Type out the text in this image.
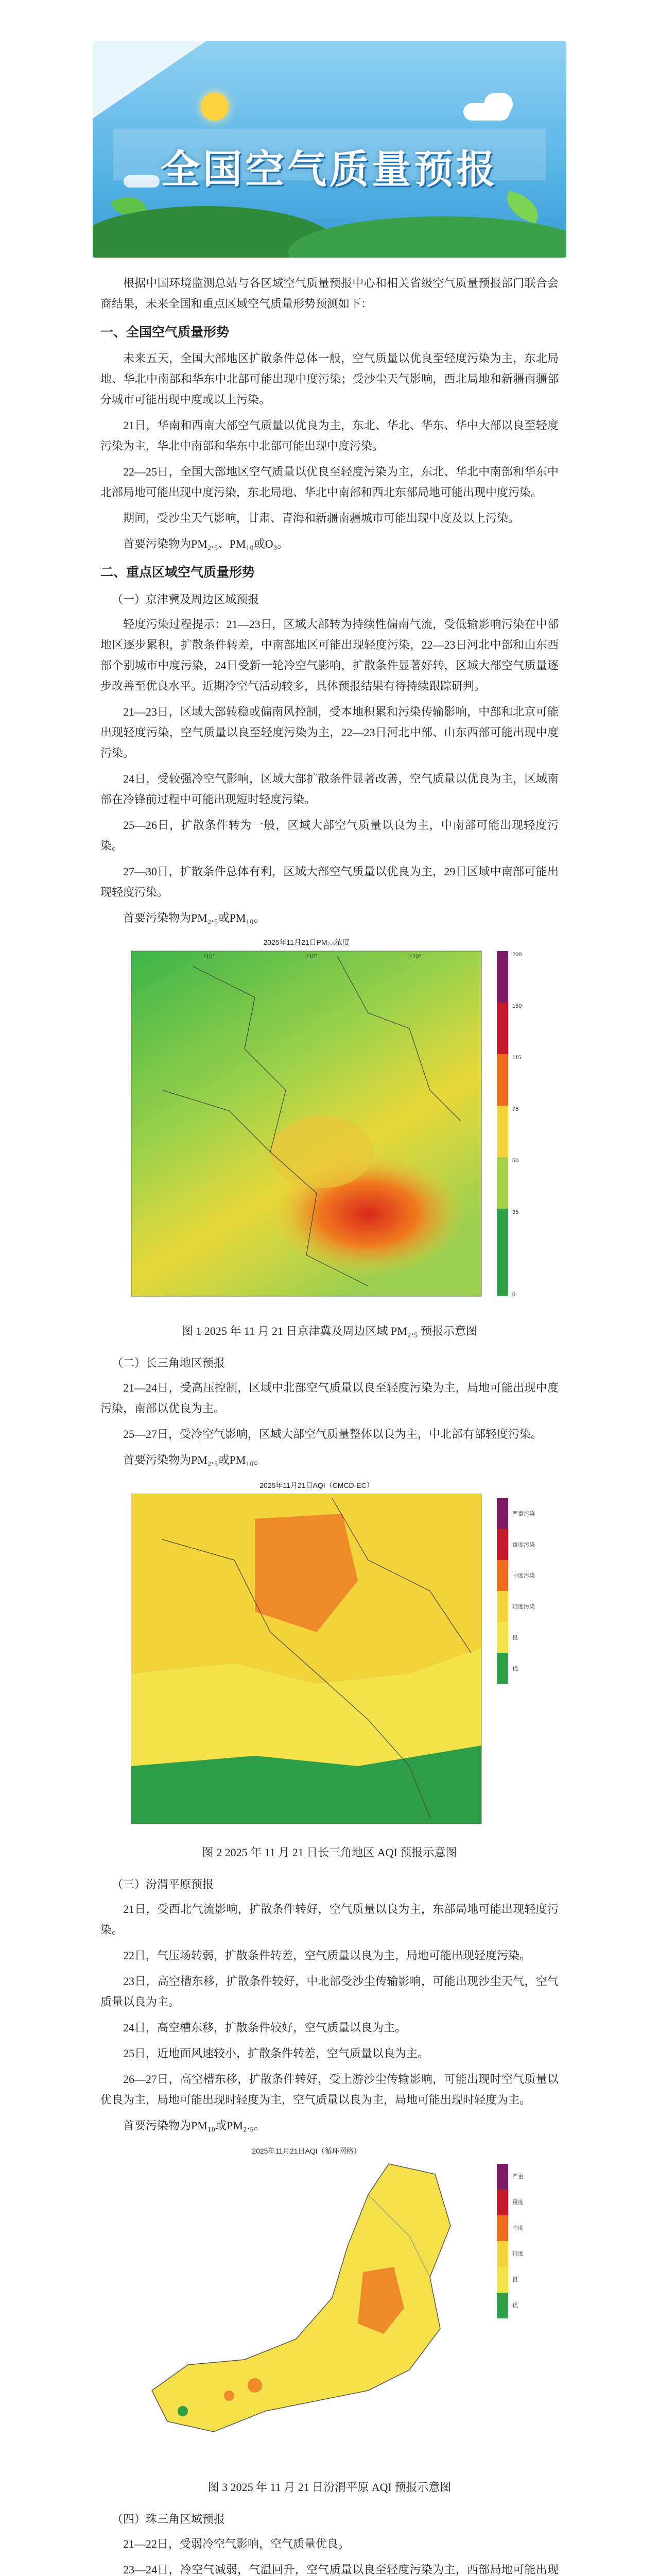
全国空气质量预报

根据中国环境监测总站与各区域空气质量预报中心和相关省级空气质量预报部门联合会商结果，未来全国和重点区域空气质量形势预测如下：

一、全国空气质量形势

未来五天，全国大部地区扩散条件总体一般，空气质量以优良至轻度污染为主，东北局地、华北中南部和华东中北部可能出现中度污染；受沙尘天气影响，西北局地和新疆南疆部分城市可能出现中度或以上污染。

21日，华南和西南大部空气质量以优良为主，东北、华北、华东、华中大部以良至轻度污染为主，华北中南部和华东中北部可能出现中度污染。

22—25日，全国大部地区空气质量以优良至轻度污染为主，东北、华北中南部和华东中北部局地可能出现中度污染，东北局地、华北中南部和西北东部局地可能出现中度污染。

期间，受沙尘天气影响，甘肃、青海和新疆南疆城市可能出现中度及以上污染。

首要污染物为PM₂.₅、PM₁₀或O₃。

二、重点区域空气质量形势
（一）京津冀及周边区域预报

轻度污染过程提示：21—23日，区域大部转为持续性偏南气流，受低输影响污染在中部地区逐步累积，扩散条件转差，中南部地区可能出现轻度污染，22—23日河北中部和山东西部个别城市中度污染，24日受新一轮冷空气影响，扩散条件显著好转，区域大部空气质量逐步改善至优良水平。近期冷空气活动较多，具体预报结果有待持续跟踪研判。

21—23日，区域大部转稳或偏南风控制，受本地积累和污染传输影响，中部和北京可能出现轻度污染，空气质量以良至轻度污染为主，22—23日河北中部、山东西部可能出现中度污染。

24日，受较强冷空气影响，区域大部扩散条件显著改善，空气质量以优良为主，区域南部在冷锋前过程中可能出现短时轻度污染。

25—26日，扩散条件转为一般，区域大部空气质量以良为主，中南部可能出现轻度污染。

27—30日，扩散条件总体有利，区域大部空气质量以优良为主，29日区域中南部可能出现轻度污染。

首要污染物为PM₂.₅或PM₁₀。

2025年11月21日PM₂.₅浓度
110°	115°	120°	200
150
115
75
50
35
0

图 1 2025 年 11 月 21 日京津冀及周边区域 PM₂.₅ 预报示意图

（二）长三角地区预报

21—24日，受高压控制，区域中北部空气质量以良至轻度污染为主，局地可能出现中度污染，南部以优良为主。

25—27日，受冷空气影响，区域大部空气质量整体以良为主，中北部有部轻度污染。

首要污染物为PM₂.₅或PM₁₀。

2025年11月21日AQI（CMCD-EC）
严重污染
重度污染
中度污染
轻度污染
良
优

图 2 2025 年 11 月 21 日长三角地区 AQI 预报示意图

（三）汾渭平原预报

21日，受西北气流影响，扩散条件转好，空气质量以良为主，东部局地可能出现轻度污染。

22日，气压场转弱，扩散条件转差，空气质量以良为主，局地可能出现轻度污染。

23日，高空槽东移，扩散条件较好，中北部受沙尘传输影响，可能出现沙尘天气，空气质量以良为主。

24日，高空槽东移，扩散条件较好，空气质量以良为主。

25日，近地面风速较小，扩散条件转差，空气质量以良为主。

26—27日，高空槽东移，扩散条件转好，受上游沙尘传输影响，可能出现时空气质量以优良为主，局地可能出现时轻度为主，空气质量以良为主，局地可能出现时轻度为主。

首要污染物为PM₁₀或PM₂.₅。

2025年11月21日AQI（循环网格）
严重
重度
中度
轻度
良
优

图 3 2025 年 11 月 21 日汾渭平原 AQI 预报示意图

（四）珠三角区域预报

21—22日，受弱冷空气影响，空气质量优良。

23—24日，冷空气减弱，气温回升，空气质量以良至轻度污染为主，西部局地可能出现
